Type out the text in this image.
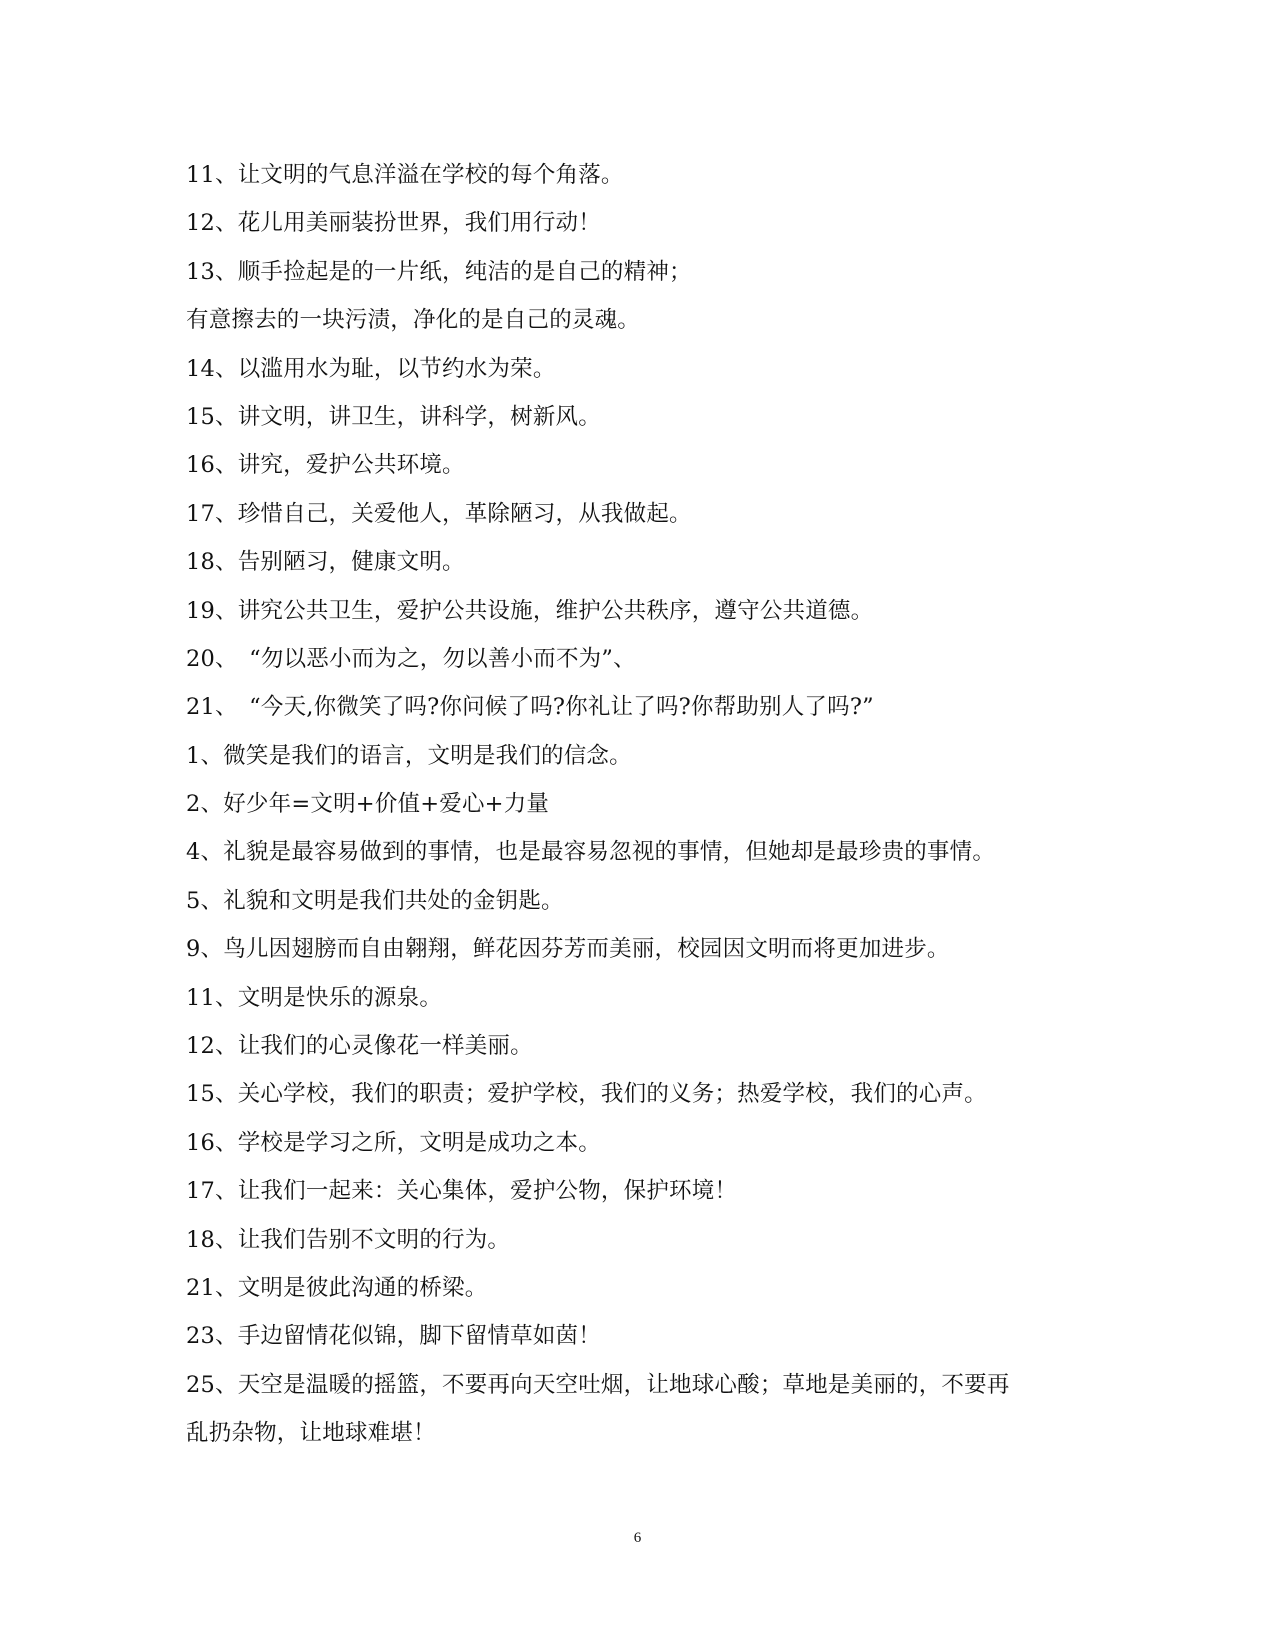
11、让文明的气息洋溢在学校的每个角落。
12、花儿用美丽装扮世界，我们用行动！
13、顺手捡起是的一片纸，纯洁的是自己的精神；
有意擦去的一块污渍，净化的是自己的灵魂。
14、以滥用水为耻，以节约水为荣。
15、讲文明，讲卫生，讲科学，树新风。
16、讲究，爱护公共环境。
17、珍惜自己，关爱他人，革除陋习，从我做起。
18、告别陋习，健康文明。
19、讲究公共卫生，爱护公共设施，维护公共秩序，遵守公共道德。
20、　“勿以恶小而为之，勿以善小而不为”、
21、　“今天,你微笑了吗?你问候了吗?你礼让了吗?你帮助别人了吗?”
1、微笑是我们的语言，文明是我们的信念。
2、好少年=文明+价值+爱心+力量
4、礼貌是最容易做到的事情，也是最容易忽视的事情，但她却是最珍贵的事情。
5、礼貌和文明是我们共处的金钥匙。
9、鸟儿因翅膀而自由翱翔，鲜花因芬芳而美丽，校园因文明而将更加进步。
11、文明是快乐的源泉。
12、让我们的心灵像花一样美丽。
15、关心学校，我们的职责；爱护学校，我们的义务；热爱学校，我们的心声。
16、学校是学习之所，文明是成功之本。
17、让我们一起来：关心集体，爱护公物，保护环境！
18、让我们告别不文明的行为。
21、文明是彼此沟通的桥梁。
23、手边留情花似锦，脚下留情草如茵！
25、天空是温暖的摇篮，不要再向天空吐烟，让地球心酸；草地是美丽的，不要再
乱扔杂物，让地球难堪！
6
